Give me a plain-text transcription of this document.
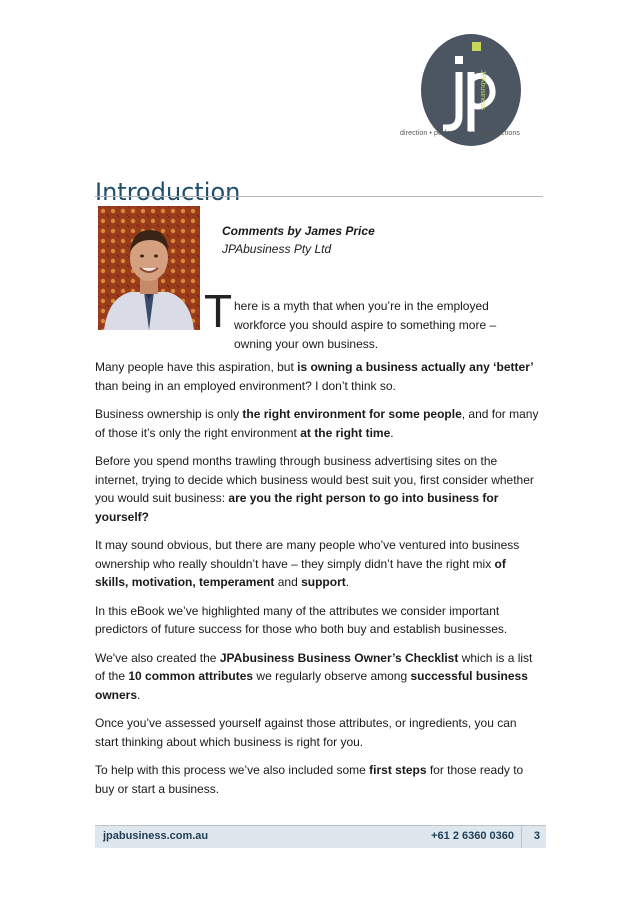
JPAbusiness
direction • performance • transactions
Introduction
Comments by James Price
JPAbusiness Pty Ltd
T here is a myth that when you’re in the employed workforce you should aspire to something more – owning your own business.

Many people have this aspiration, but is owning a business actually any ‘better’ than being in an employed environment? I don’t think so.

Business ownership is only the right environment for some people, and for many of those it’s only the right environment at the right time.

Before you spend months trawling through business advertising sites on the internet, trying to decide which business would best suit you, first consider whether you would suit business: are you the right person to go into business for yourself?

It may sound obvious, but there are many people who’ve ventured into business ownership who really shouldn’t have – they simply didn’t have the right mix of skills, motivation, temperament and support.

In this eBook we’ve highlighted many of the attributes we consider important predictors of future success for those who both buy and establish businesses.

We've also created the JPAbusiness Business Owner’s Checklist which is a list of the 10 common attributes we regularly observe among successful business owners.

Once you’ve assessed yourself against those attributes, or ingredients, you can start thinking about which business is right for you.

To help with this process we’ve also included some first steps for those ready to buy or start a business.

jpabusiness.com.au	+61 2 6360 0360 3
